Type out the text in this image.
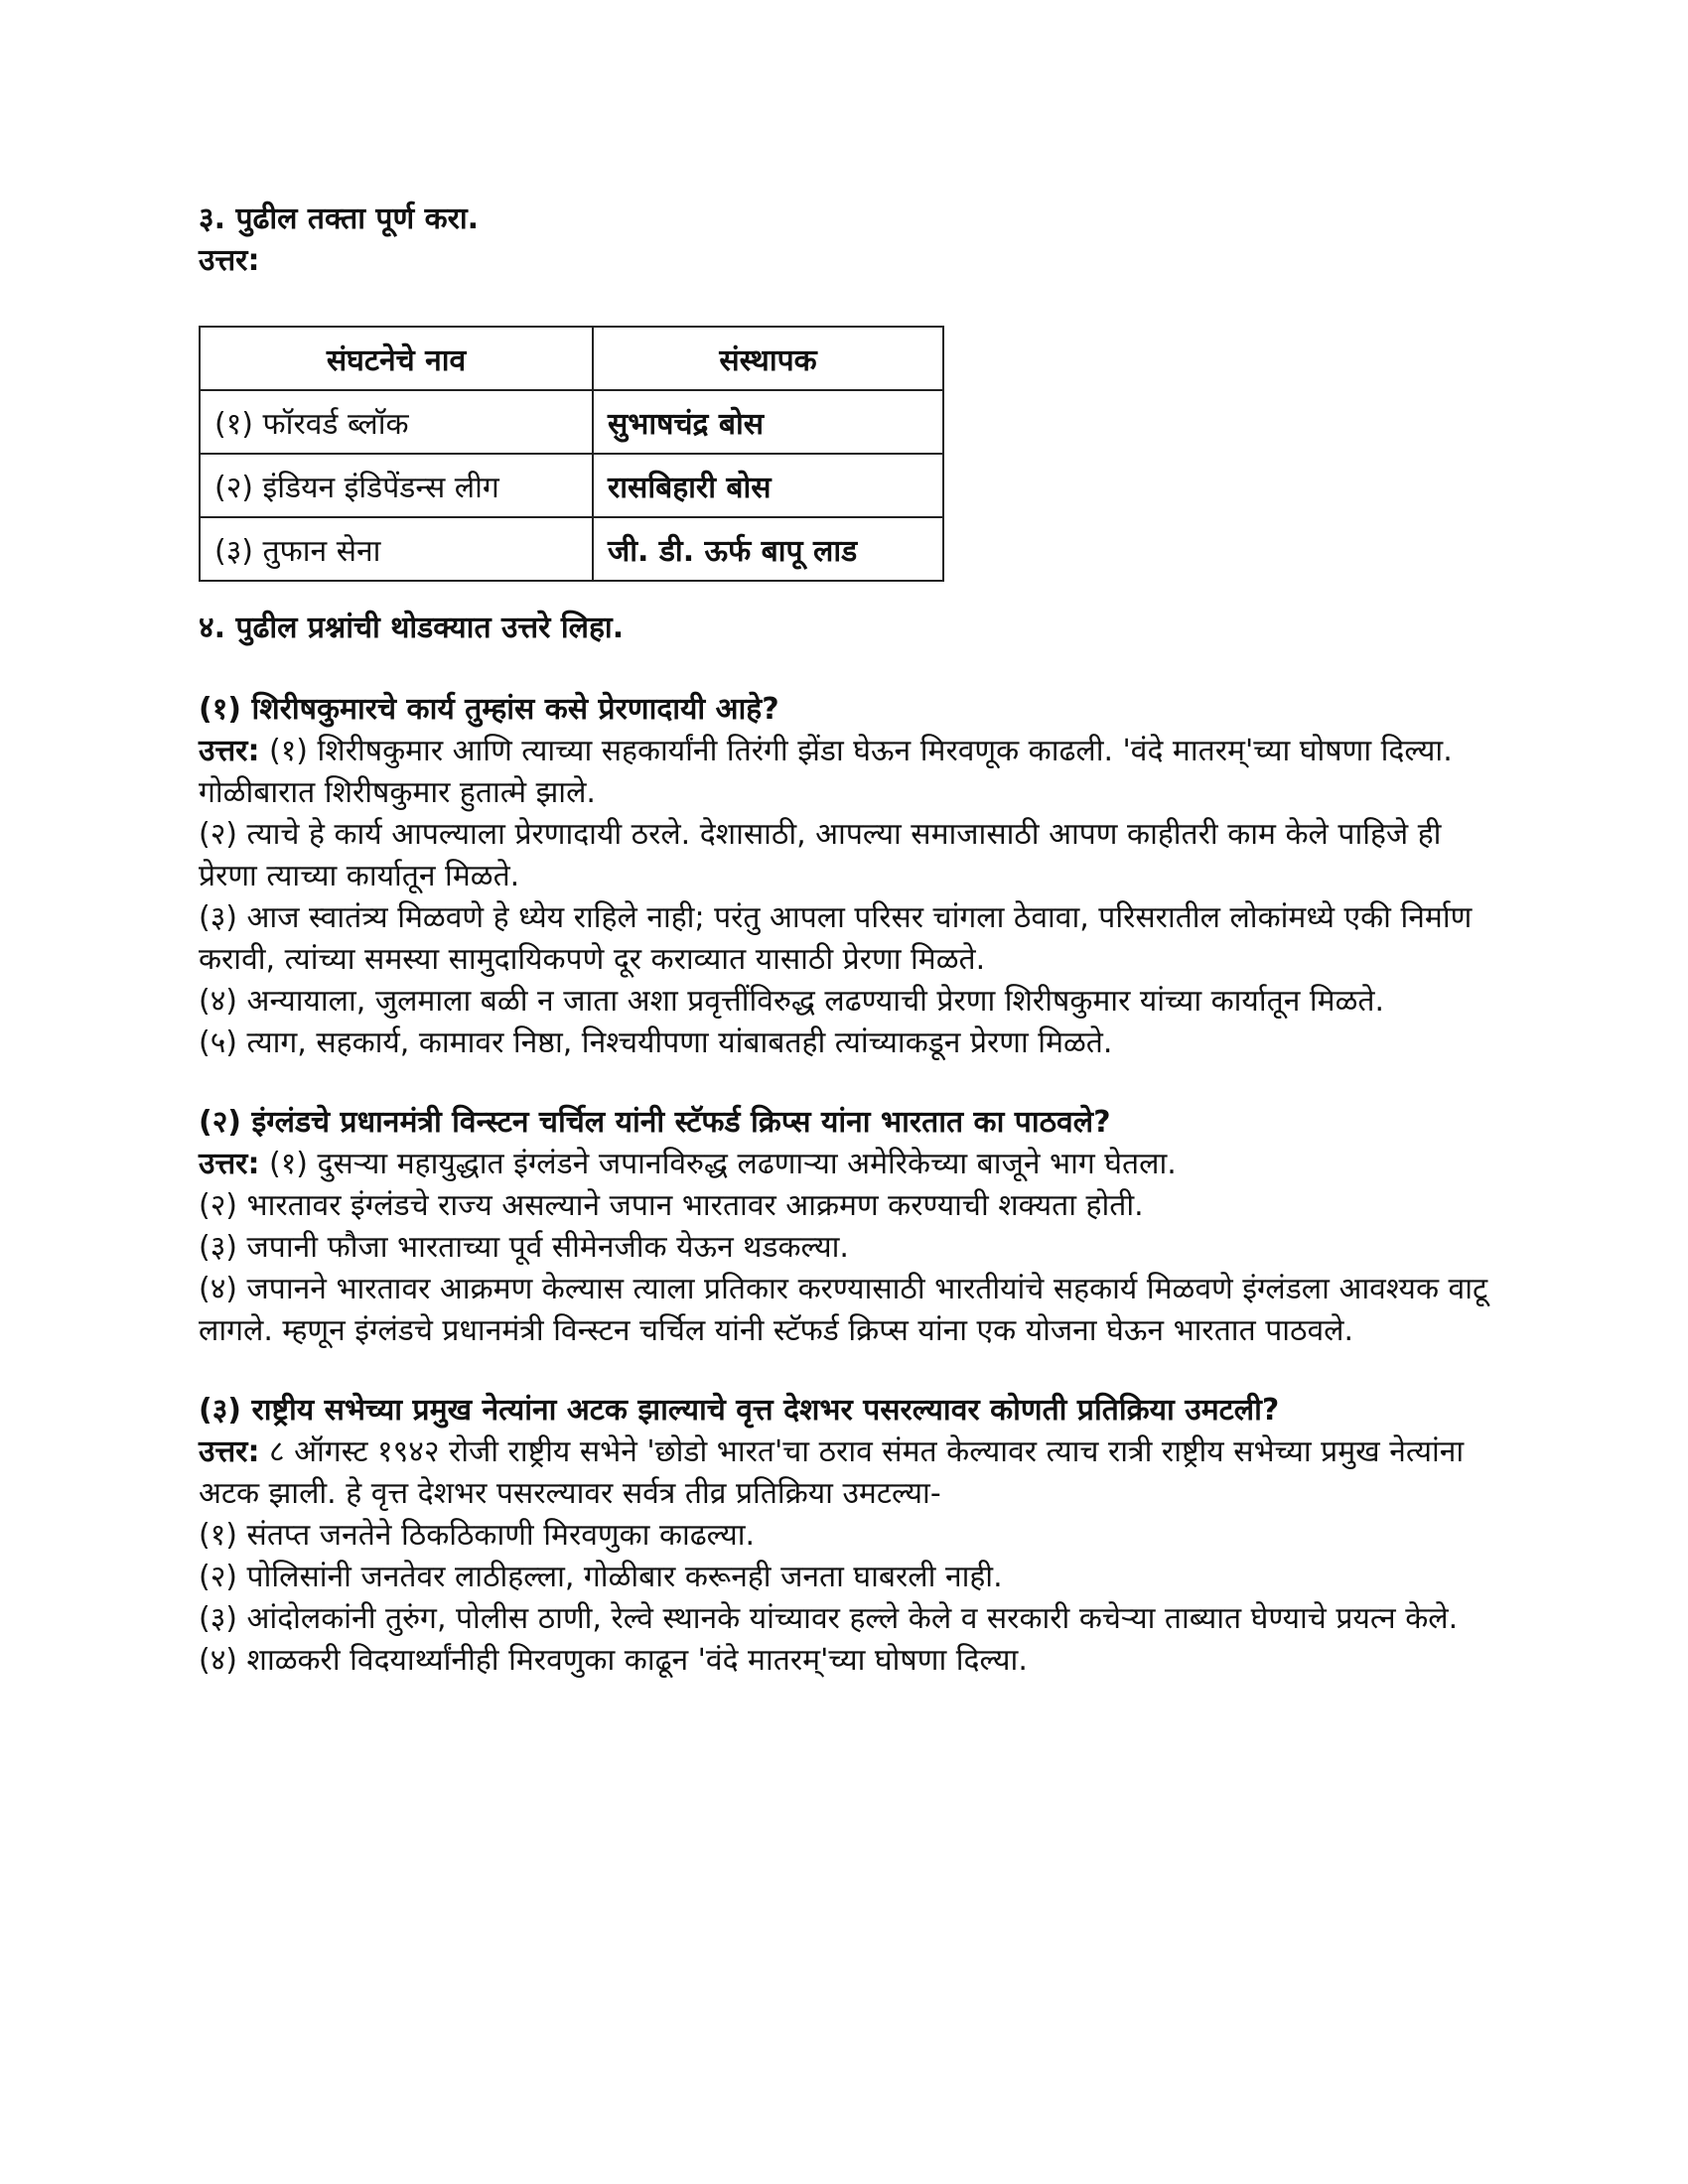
३. पुढील तक्ता पूर्ण करा.

उत्तर:

संघटनेचे नाव	संस्थापक
(१) फॉरवर्ड ब्लॉक	सुभाषचंद्र बोस
(२) इंडियन इंडिपेंडन्स लीग	रासबिहारी बोस
(३) तुफान सेना	जी. डी. ऊर्फ बापू लाड

४. पुढील प्रश्नांची थोडक्यात उत्तरे लिहा.

(१) शिरीषकुमारचे कार्य तुम्हांस कसे प्रेरणादायी आहे?

उत्तर: (१) शिरीषकुमार आणि त्याच्या सहकार्यांनी तिरंगी झेंडा घेऊन मिरवणूक काढली. 'वंदे मातरम्'च्या घोषणा दिल्या. गोळीबारात शिरीषकुमार हुतात्मे झाले.

(२) त्याचे हे कार्य आपल्याला प्रेरणादायी ठरले. देशासाठी, आपल्या समाजासाठी आपण काहीतरी काम केले पाहिजे ही प्रेरणा त्याच्या कार्यातून मिळते.

(३) आज स्वातंत्र्य मिळवणे हे ध्येय राहिले नाही; परंतु आपला परिसर चांगला ठेवावा, परिसरातील लोकांमध्ये एकी निर्माण करावी, त्यांच्या समस्या सामुदायिकपणे दूर कराव्यात यासाठी प्रेरणा मिळते.

(४) अन्यायाला, जुलमाला बळी न जाता अशा प्रवृत्तींविरुद्ध लढण्याची प्रेरणा शिरीषकुमार यांच्या कार्यातून मिळते.

(५) त्याग, सहकार्य, कामावर निष्ठा, निश्चयीपणा यांबाबतही त्यांच्याकडून प्रेरणा मिळते.

(२) इंग्लंडचे प्रधानमंत्री विन्स्टन चर्चिल यांनी स्टॅफर्ड क्रिप्स यांना भारतात का पाठवले?

उत्तर: (१) दुसऱ्या महायुद्धात इंग्लंडने जपानविरुद्ध लढणाऱ्या अमेरिकेच्या बाजूने भाग घेतला.

(२) भारतावर इंग्लंडचे राज्य असल्याने जपान भारतावर आक्रमण करण्याची शक्यता होती.

(३) जपानी फौजा भारताच्या पूर्व सीमेनजीक येऊन थडकल्या.

(४) जपानने भारतावर आक्रमण केल्यास त्याला प्रतिकार करण्यासाठी भारतीयांचे सहकार्य मिळवणे इंग्लंडला आवश्यक वाटू लागले. म्हणून इंग्लंडचे प्रधानमंत्री विन्स्टन चर्चिल यांनी स्टॅफर्ड क्रिप्स यांना एक योजना घेऊन भारतात पाठवले.

(३) राष्ट्रीय सभेच्या प्रमुख नेत्यांना अटक झाल्याचे वृत्त देशभर पसरल्यावर कोणती प्रतिक्रिया उमटली?

उत्तर: ८ ऑगस्ट १९४२ रोजी राष्ट्रीय सभेने 'छोडो भारत'चा ठराव संमत केल्यावर त्याच रात्री राष्ट्रीय सभेच्या प्रमुख नेत्यांना अटक झाली. हे वृत्त देशभर पसरल्यावर सर्वत्र तीव्र प्रतिक्रिया उमटल्या-

(१) संतप्त जनतेने ठिकठिकाणी मिरवणुका काढल्या.

(२) पोलिसांनी जनतेवर लाठीहल्ला, गोळीबार करूनही जनता घाबरली नाही.

(३) आंदोलकांनी तुरुंग, पोलीस ठाणी, रेल्वे स्थानके यांच्यावर हल्ले केले व सरकारी कचेऱ्या ताब्यात घेण्याचे प्रयत्न केले.

(४) शाळकरी विदयार्थ्यांनीही मिरवणुका काढून 'वंदे मातरम्'च्या घोषणा दिल्या.
